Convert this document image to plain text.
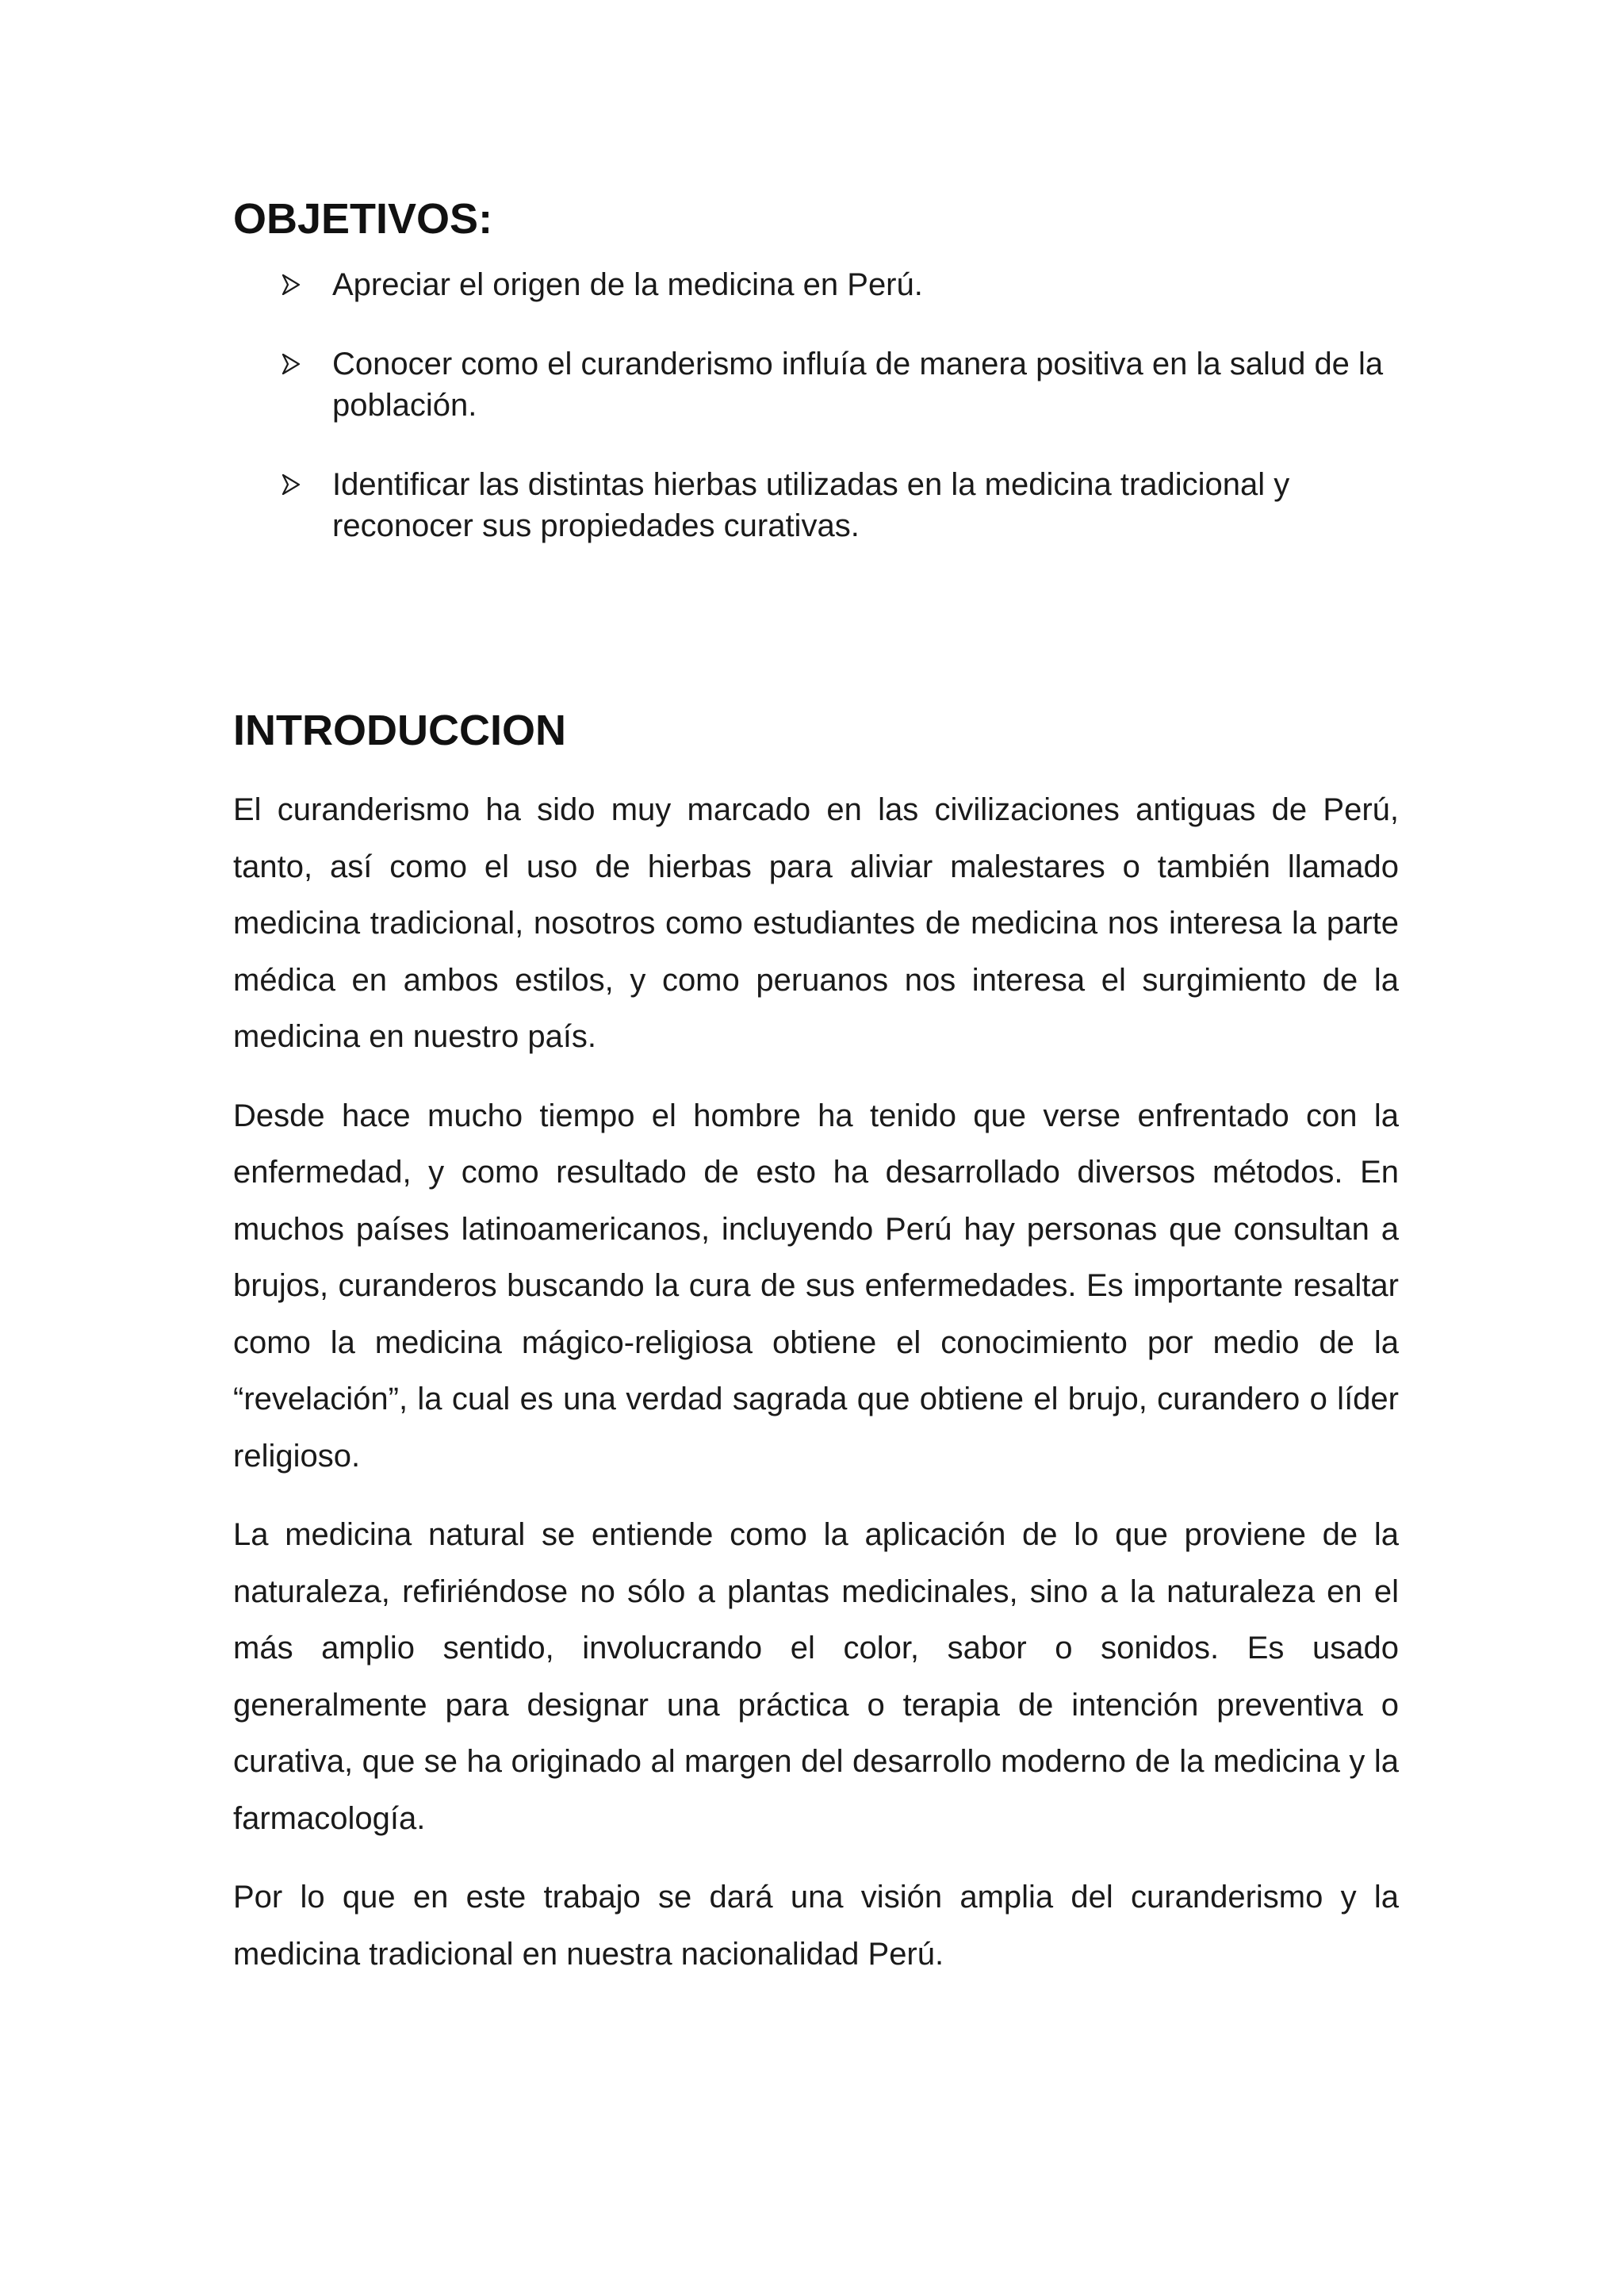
OBJETIVOS:
Apreciar el origen de la medicina en Perú.
Conocer como el curanderismo influía de manera positiva en la salud de la población.
Identificar las distintas hierbas utilizadas en la medicina tradicional y reconocer sus propiedades curativas.
INTRODUCCION

El curanderismo ha sido muy marcado en las civilizaciones antiguas de Perú, tanto, así como el uso de hierbas para aliviar malestares o también llamado medicina tradicional, nosotros como estudiantes de medicina nos interesa la parte médica en ambos estilos, y como peruanos nos interesa el surgimiento de la medicina en nuestro país.

Desde hace mucho tiempo el hombre ha tenido que verse enfrentado con la enfermedad, y como resultado de esto ha desarrollado diversos métodos. En muchos países latinoamericanos, incluyendo Perú hay personas que consultan a brujos, curanderos buscando la cura de sus enfermedades. Es importante resaltar como la medicina mágico-religiosa obtiene el conocimiento por medio de la “revelación”, la cual es una verdad sagrada que obtiene el brujo, curandero o líder religioso.

La medicina natural se entiende como la aplicación de lo que proviene de la naturaleza, refiriéndose no sólo a plantas medicinales, sino a la naturaleza en el más amplio sentido, involucrando el color, sabor o sonidos. Es usado generalmente para designar una práctica o terapia de intención preventiva o curativa, que se ha originado al margen del desarrollo moderno de la medicina y la farmacología.

Por lo que en este trabajo se dará una visión amplia del curanderismo y la medicina tradicional en nuestra nacionalidad Perú.
